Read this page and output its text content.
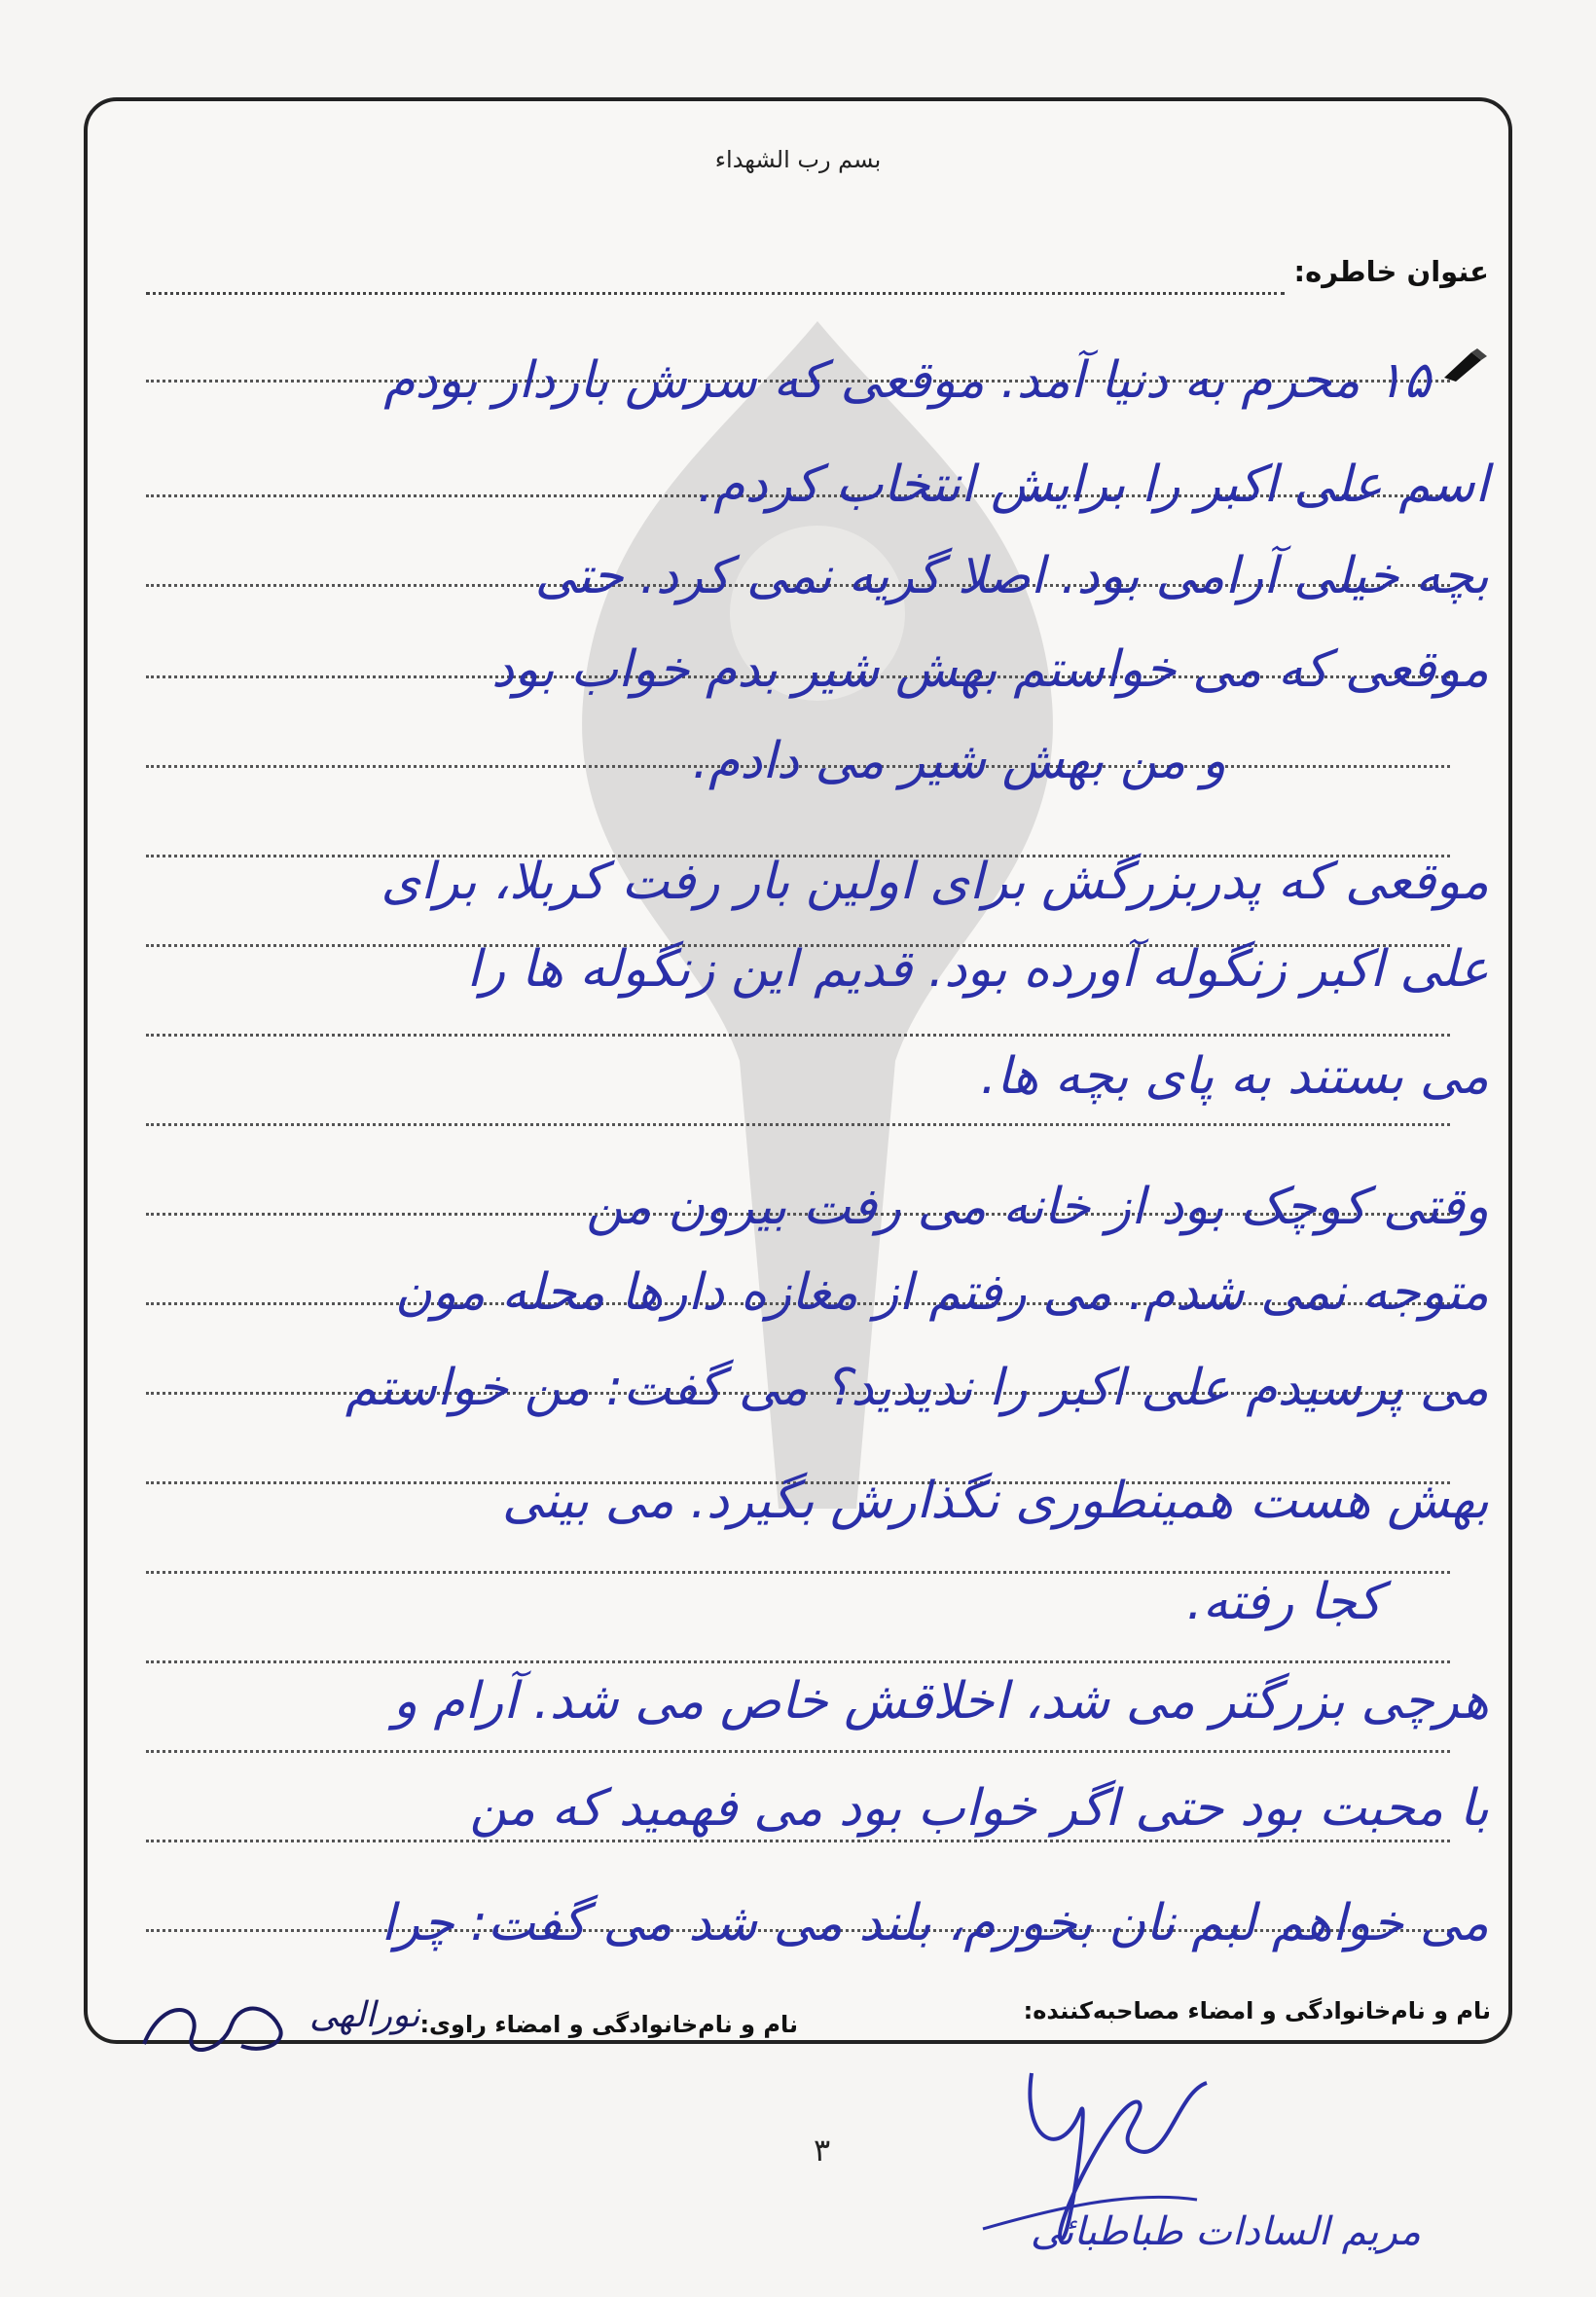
بسم رب الشهداء
عنوان خاطره:
۱۵ محرم به دنیا آمد. موقعی که سرش باردار بودم
اسم علی اکبر را برایش انتخاب کردم.
بچه خیلی آرامی بود. اصلا گریه نمی کرد. حتی
موقعی که می خواستم بهش شیر بدم خواب بود
و من بهش شیر می دادم.
موقعی که پدربزرگش برای اولین بار رفت کربلا، برای
علی اکبر زنگوله آورده بود. قدیم این زنگوله ها را
می بستند به پای بچه ها.
وقتی کوچک بود از خانه می رفت بیرون من
متوجه نمی شدم. می رفتم از مغازه دارها محله مون
می پرسیدم علی اکبر را ندیدید؟ می گفت: من خواستم
بهش هست همینطوری نگذارش بگیرد. می بینی
کجا رفته.
هرچی بزرگتر می شد، اخلاقش خاص می شد. آرام و
با محبت بود حتی اگر خواب بود می فهمید که من
می خواهم لبم نان بخورم، بلند می شد می گفت: چرا
نام و نام‌خانوادگی و امضاء مصاحبه‌کننده:
نام و نام‌خانوادگی و امضاء راوی:
نورالهی
۳
مریم السادات طباطبائی
